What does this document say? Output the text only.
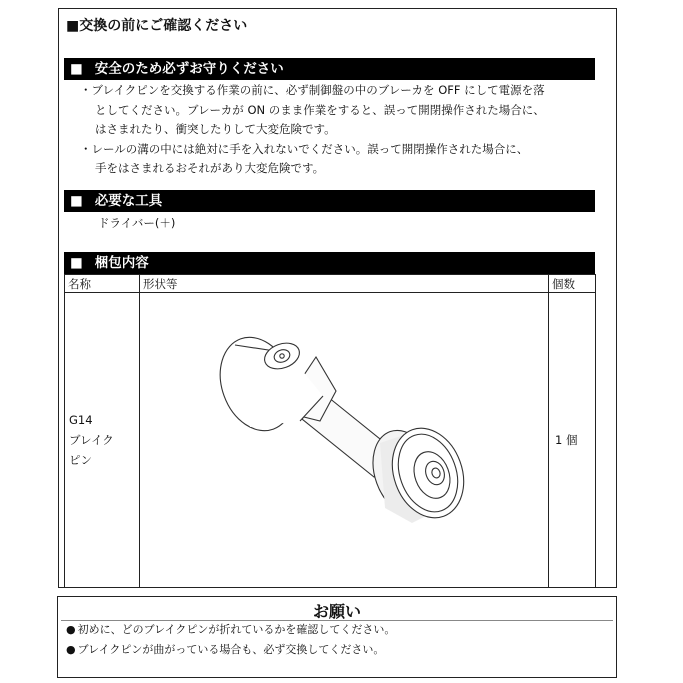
■交換の前にご確認ください
■ 安全のため必ずお守りください
・ブレイクピンを交換する作業の前に、必ず制御盤の中のブレーカを OFF にして電源を落
としてください。ブレーカが ON のまま作業をすると、誤って開閉操作された場合に、
はさまれたり、衝突したりして大変危険です。
・レールの溝の中には絶対に手を入れないでください。誤って開閉操作された場合に、
手をはさまれるおそれがあり大変危険です。
■ 必要な工具
ドライバー(＋)
■ 梱包内容
名称	形状等	個数

G14
ブレイク
ピン		1 個
お願い
● 初めに、どのブレイクピンが折れているかを確認してください。
● ブレイクピンが曲がっている場合も、必ず交換してください。
